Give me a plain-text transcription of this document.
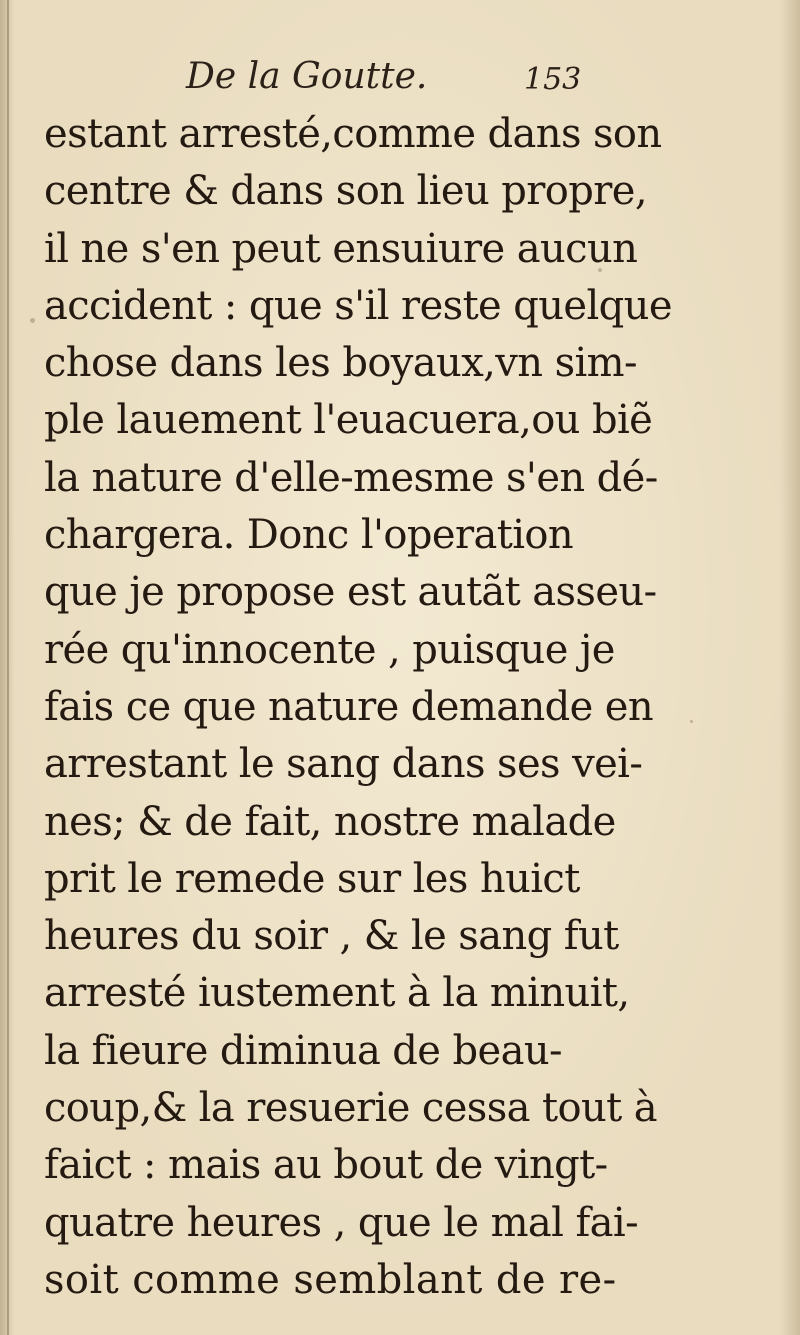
De la Goutte.	153
estant arresté,comme dans son
centre & dans son lieu propre,
il ne s'en peut ensuiure aucun
accident : que s'il reste quelque
chose dans les boyaux,vn sim-
ple lauement l'euacuera,ou biẽ
la nature d'elle-mesme s'en dé-
chargera. Donc l'operation
que je propose est autãt asseu-
rée qu'innocente , puisque je
fais ce que nature demande en
arrestant le sang dans ses vei-
nes; & de fait, nostre malade
prit le remede sur les huict
heures du soir , & le sang fut
arresté iustement à la minuit,
la fieure diminua de beau-
coup,& la resuerie cessa tout à
faict : mais au bout de vingt-
quatre heures , que le mal fai-
soit comme semblant de re-
